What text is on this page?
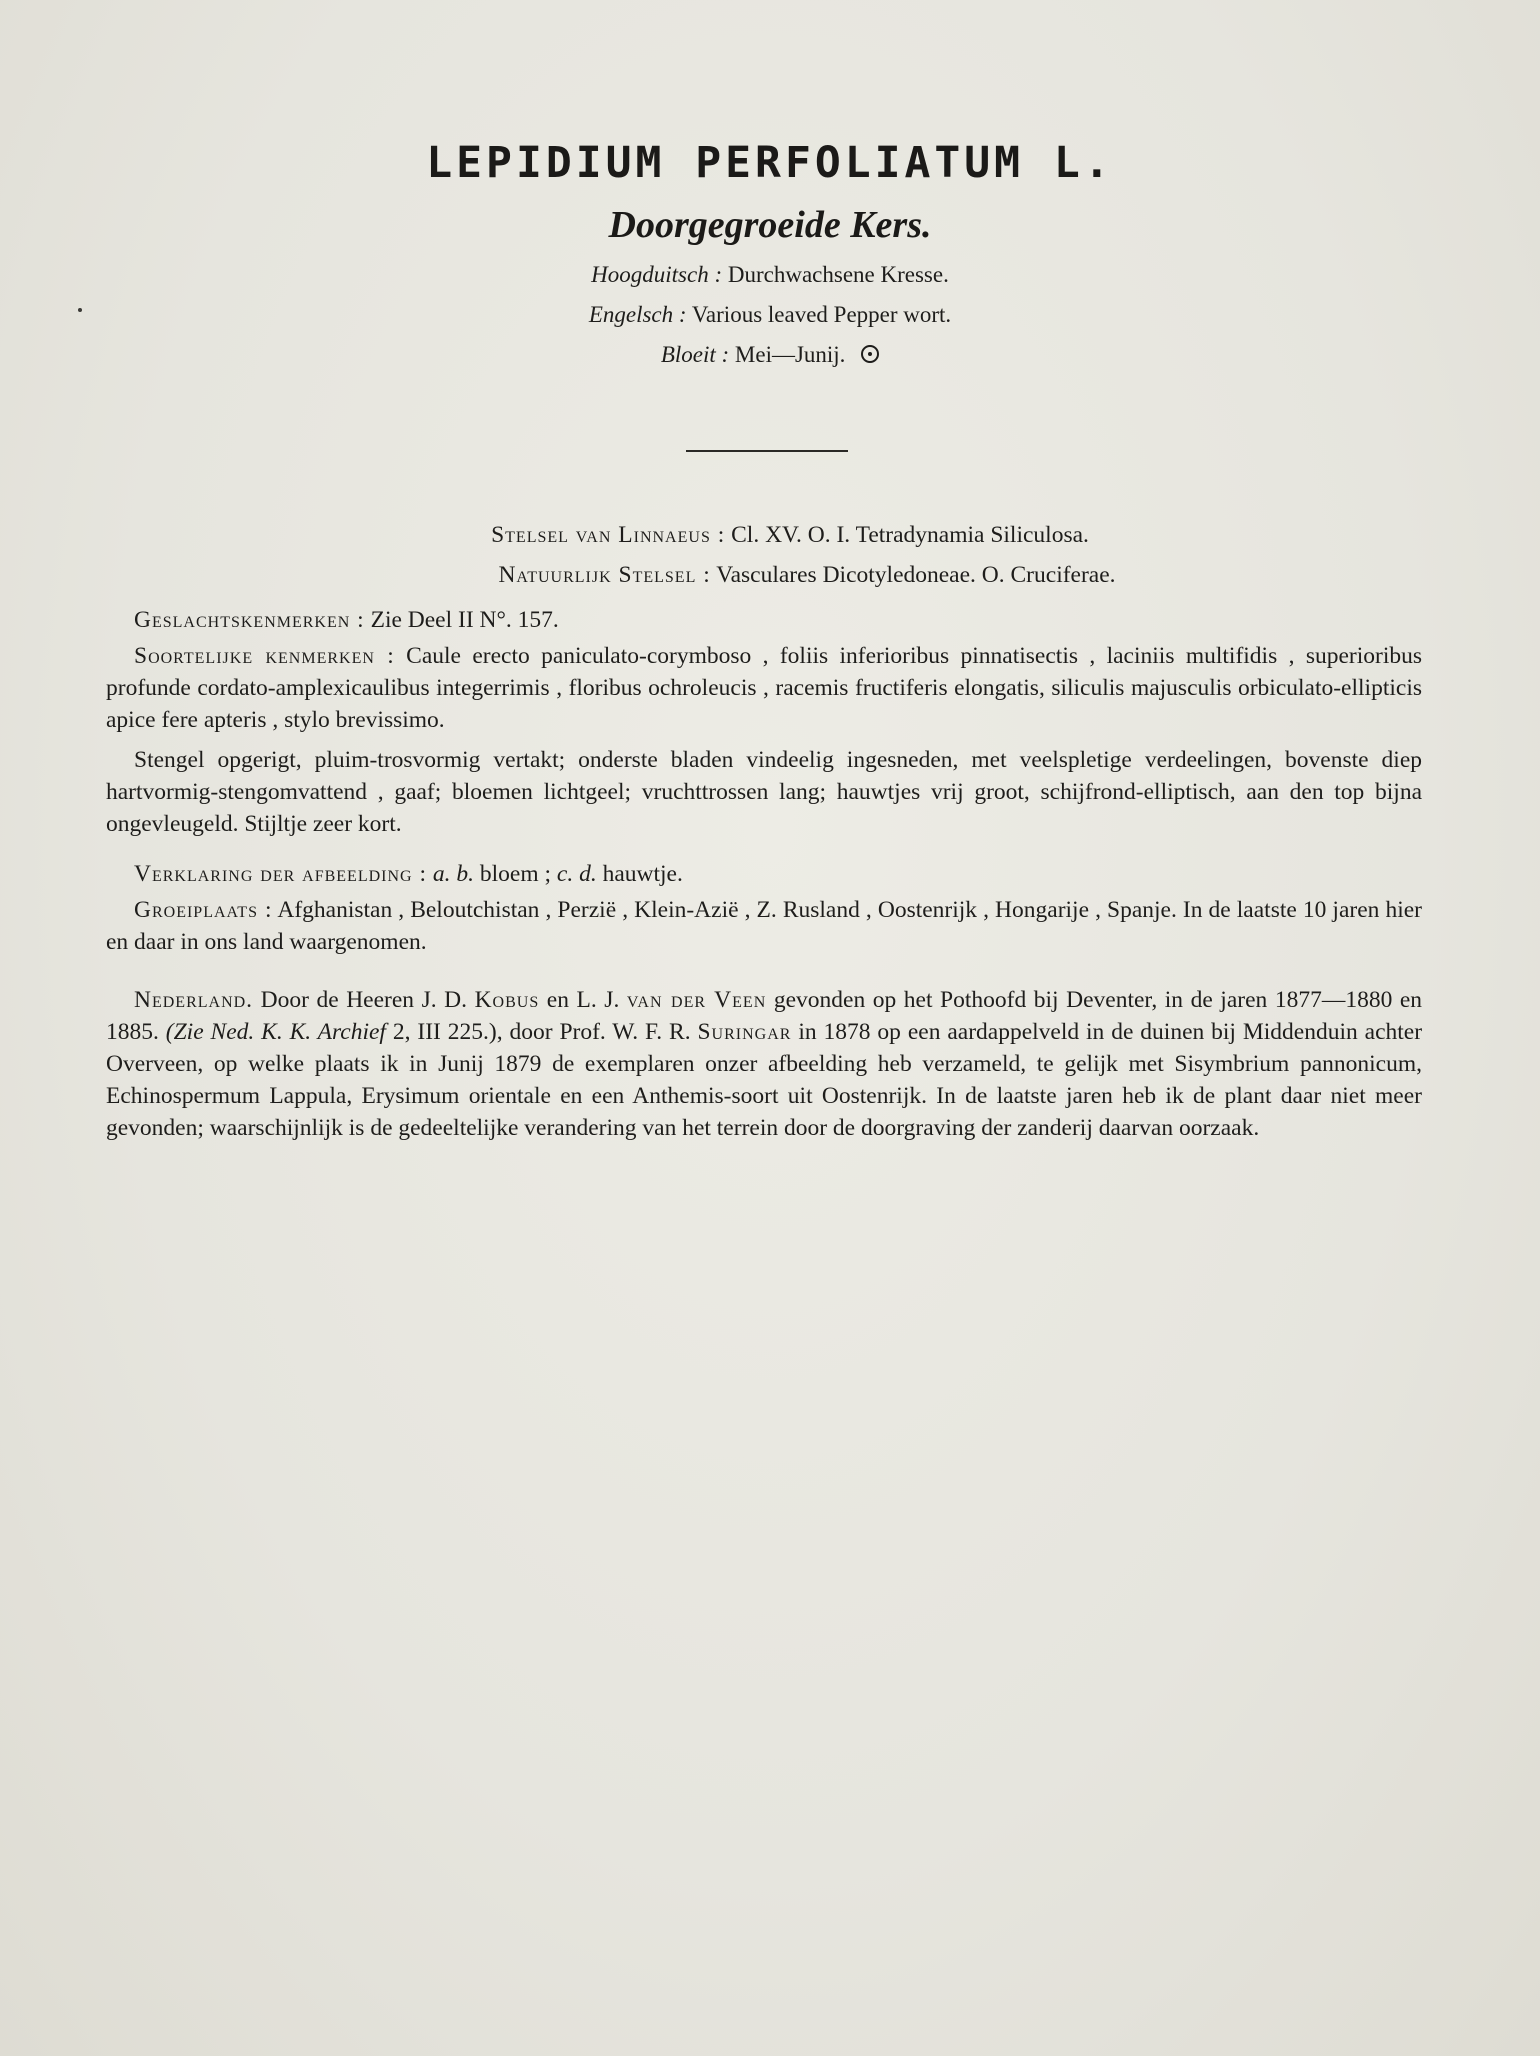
LEPIDIUM PERFOLIATUM L.
Doorgegroeide Kers.
Hoogduitsch : Durchwachsene Kresse.
Engelsch : Various leaved Pepper wort.
Bloeit : Mei—Junij.
Stelsel van Linnaeus : Cl. XV. O. I. Tetradynamia Siliculosa.
Natuurlijk Stelsel : Vasculares Dicotyledoneae. O. Cruciferae.

Geslachtskenmerken : Zie Deel II N°. 157.

Soortelijke kenmerken : Caule erecto paniculato-corymboso , foliis inferioribus pinnatisectis , laciniis multifidis , superioribus profunde cordato-amplexicaulibus integerrimis , floribus ochroleucis , racemis fructiferis elongatis, siliculis majusculis orbiculato-ellipticis apice fere apteris , stylo brevissimo.

Stengel opgerigt, pluim-trosvormig vertakt; onderste bladen vindeelig ingesneden, met veelspletige verdeelingen, bovenste diep hartvormig-stengomvattend , gaaf; bloemen lichtgeel; vruchttrossen lang; hauwtjes vrij groot, schijfrond-elliptisch, aan den top bijna ongevleugeld. Stijltje zeer kort.

Verklaring der afbeelding : a. b. bloem ; c. d. hauwtje.

Groeiplaats : Afghanistan , Beloutchistan , Perzië , Klein-Azië , Z. Rusland , Oostenrijk , Hongarije , Spanje. In de laatste 10 jaren hier en daar in ons land waargenomen.

Nederland. Door de Heeren J. D. Kobus en L. J. van der Veen gevonden op het Pothoofd bij Deventer, in de jaren 1877—1880 en 1885. (Zie Ned. K. K. Archief 2, III 225.), door Prof. W. F. R. Suringar in 1878 op een aardappelveld in de duinen bij Middenduin achter Overveen, op welke plaats ik in Junij 1879 de exemplaren onzer afbeelding heb verzameld, te gelijk met Sisymbrium pannonicum, Echinospermum Lappula, Erysimum orientale en een Anthemis-soort uit Oostenrijk. In de laatste jaren heb ik de plant daar niet meer gevonden; waarschijnlijk is de gedeeltelijke verandering van het terrein door de doorgraving der zanderij daarvan oorzaak.
